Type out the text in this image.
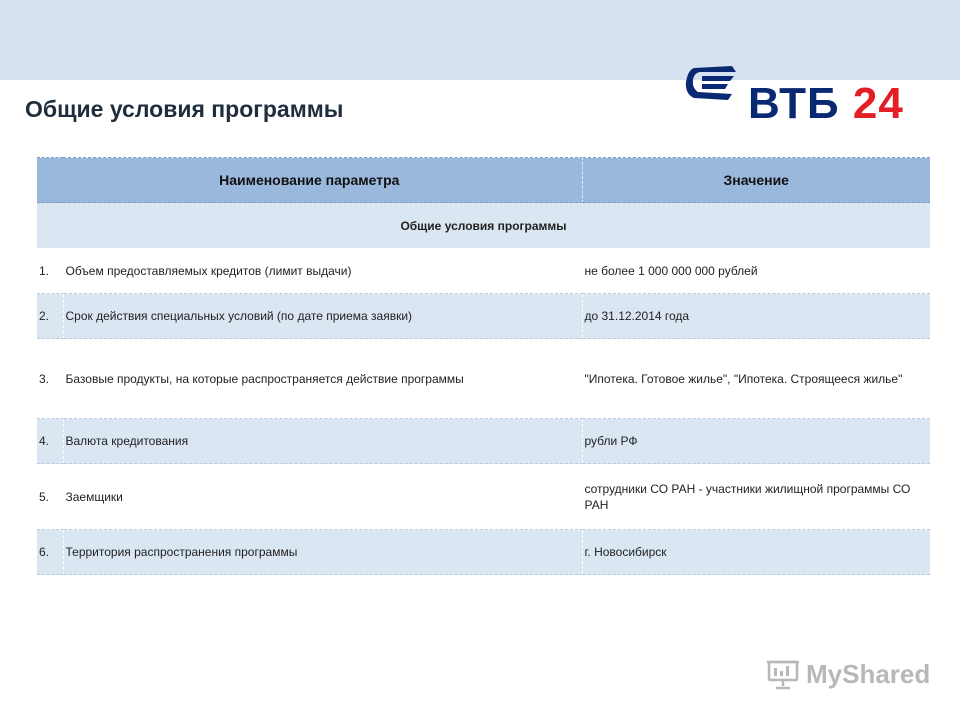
Общие условия программы	ВТБ 24
Наименование параметра		Значение
Общие условия программы		
1.	Объем предоставляемых кредитов (лимит выдачи)	не более 1 000 000 000 рублей
2.	Срок действия специальных условий (по дате приема заявки)	до 31.12.2014 года
3.	Базовые продукты, на которые распространяется действие программы	"Ипотека. Готовое жилье", "Ипотека. Строящееся жилье"
4.	Валюта кредитования	рубли РФ
5.	Заемщики	сотрудники СО РАН - участники жилищной программы СО РАН
6.	Территория распространения программы	г. Новосибирск
MyShared
